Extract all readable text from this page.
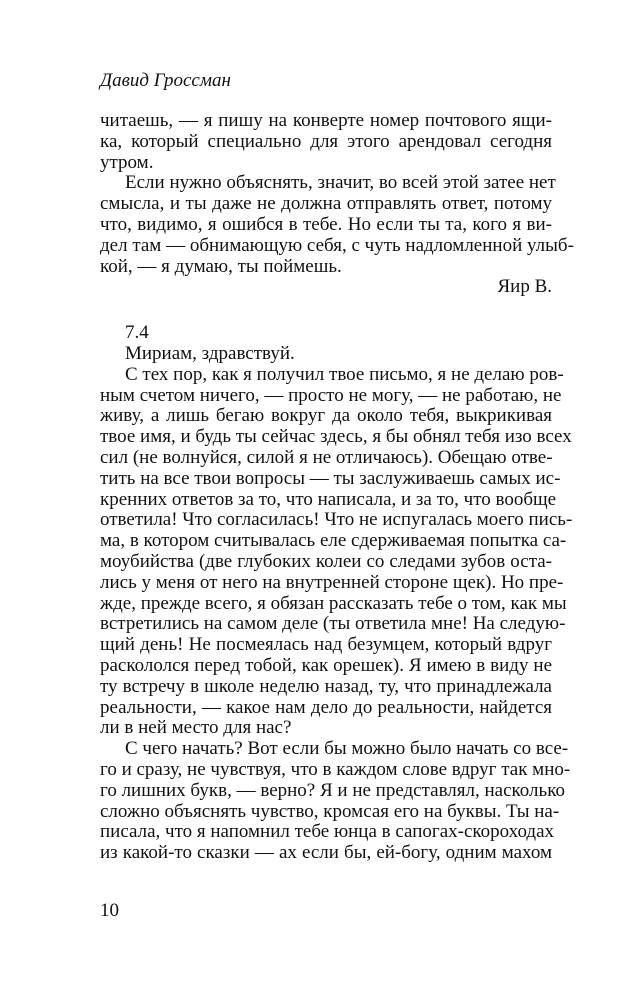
Давид Гроссман
читаешь, — я пишу на конверте номер почтового ящи-
ка, который специально для этого арендовал сегодня
утром.
Если нужно объяснять, значит, во всей этой затее нет
смысла, и ты даже не должна отправлять ответ, потому
что, видимо, я ошибся в тебе. Но если ты та, кого я ви-
дел там — обнимающую себя, с чуть надломленной улыб-
кой, — я думаю, ты поймешь.
Яир В.
7.4
Мириам, здравствуй.
С тех пор, как я получил твое письмо, я не делаю ров-
ным счетом ничего, — просто не могу, — не работаю, не
живу, а лишь бегаю вокруг да около тебя, выкрикивая
твое имя, и будь ты сейчас здесь, я бы обнял тебя изо всех
сил (не волнуйся, силой я не отличаюсь). Обещаю отве-
тить на все твои вопросы — ты заслуживаешь самых ис-
кренних ответов за то, что написала, и за то, что вообще
ответила! Что согласилась! Что не испугалась моего пись-
ма, в котором считывалась еле сдерживаемая попытка са-
моубийства (две глубоких колеи со следами зубов оста-
лись у меня от него на внутренней стороне щек). Но пре-
жде, прежде всего, я обязан рассказать тебе о том, как мы
встретились на самом деле (ты ответила мне! На следую-
щий день! Не посмеялась над безумцем, который вдруг
раскололся перед тобой, как орешек). Я имею в виду не
ту встречу в школе неделю назад, ту, что принадлежала
реальности, — какое нам дело до реальности, найдется
ли в ней место для нас?
С чего начать? Вот если бы можно было начать со все-
го и сразу, не чувствуя, что в каждом слове вдруг так мно-
го лишних букв, — верно? Я и не представлял, насколько
сложно объяснять чувство, кромсая его на буквы. Ты на-
писала, что я напомнил тебе юнца в сапогах-скороходах
из какой-то сказки — ах если бы, ей-богу, одним махом
10
